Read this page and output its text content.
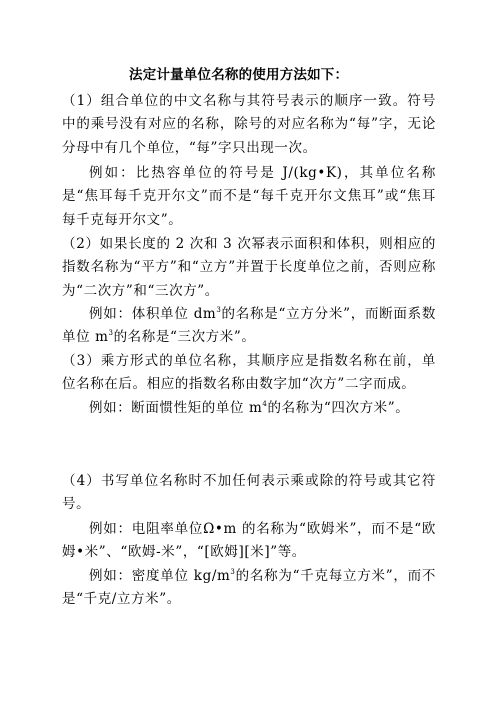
法定计量单位名称的使用方法如下：
（1）组合单位的中文名称与其符号表示的顺序一致。符号中的乘号没有对应的名称，除号的对应名称为“每”字，无论分母中有几个单位，“每”字只出现一次。
例如：比热容单位的符号是 J/(kg•K)，其单位名称是“焦耳每千克开尔文”而不是“每千克开尔文焦耳”或“焦耳每千克每开尔文”。
（2）如果长度的 2 次和 3 次幂表示面积和体积，则相应的指数名称为“平方”和“立方”并置于长度单位之前，否则应称为“二次方”和“三次方”。
例如：体积单位 $dm^3$的名称是“立方分米”，而断面系数单位 $m^3$的名称是“三次方米”。
（3）乘方形式的单位名称，其顺序应是指数名称在前，单位名称在后。相应的指数名称由数字加“次方”二字而成。
例如：断面惯性矩的单位 $m^4$的名称为“四次方米”。
（4）书写单位名称时不加任何表示乘或除的符号或其它符号。
例如：电阻率单位Ω•m 的名称为“欧姆米”，而不是“欧姆•米”、“欧姆-米”，“[欧姆][米]”等。
例如：密度单位 $kg/m^3$的名称为“千克每立方米”，而不是“千克/立方米”。
